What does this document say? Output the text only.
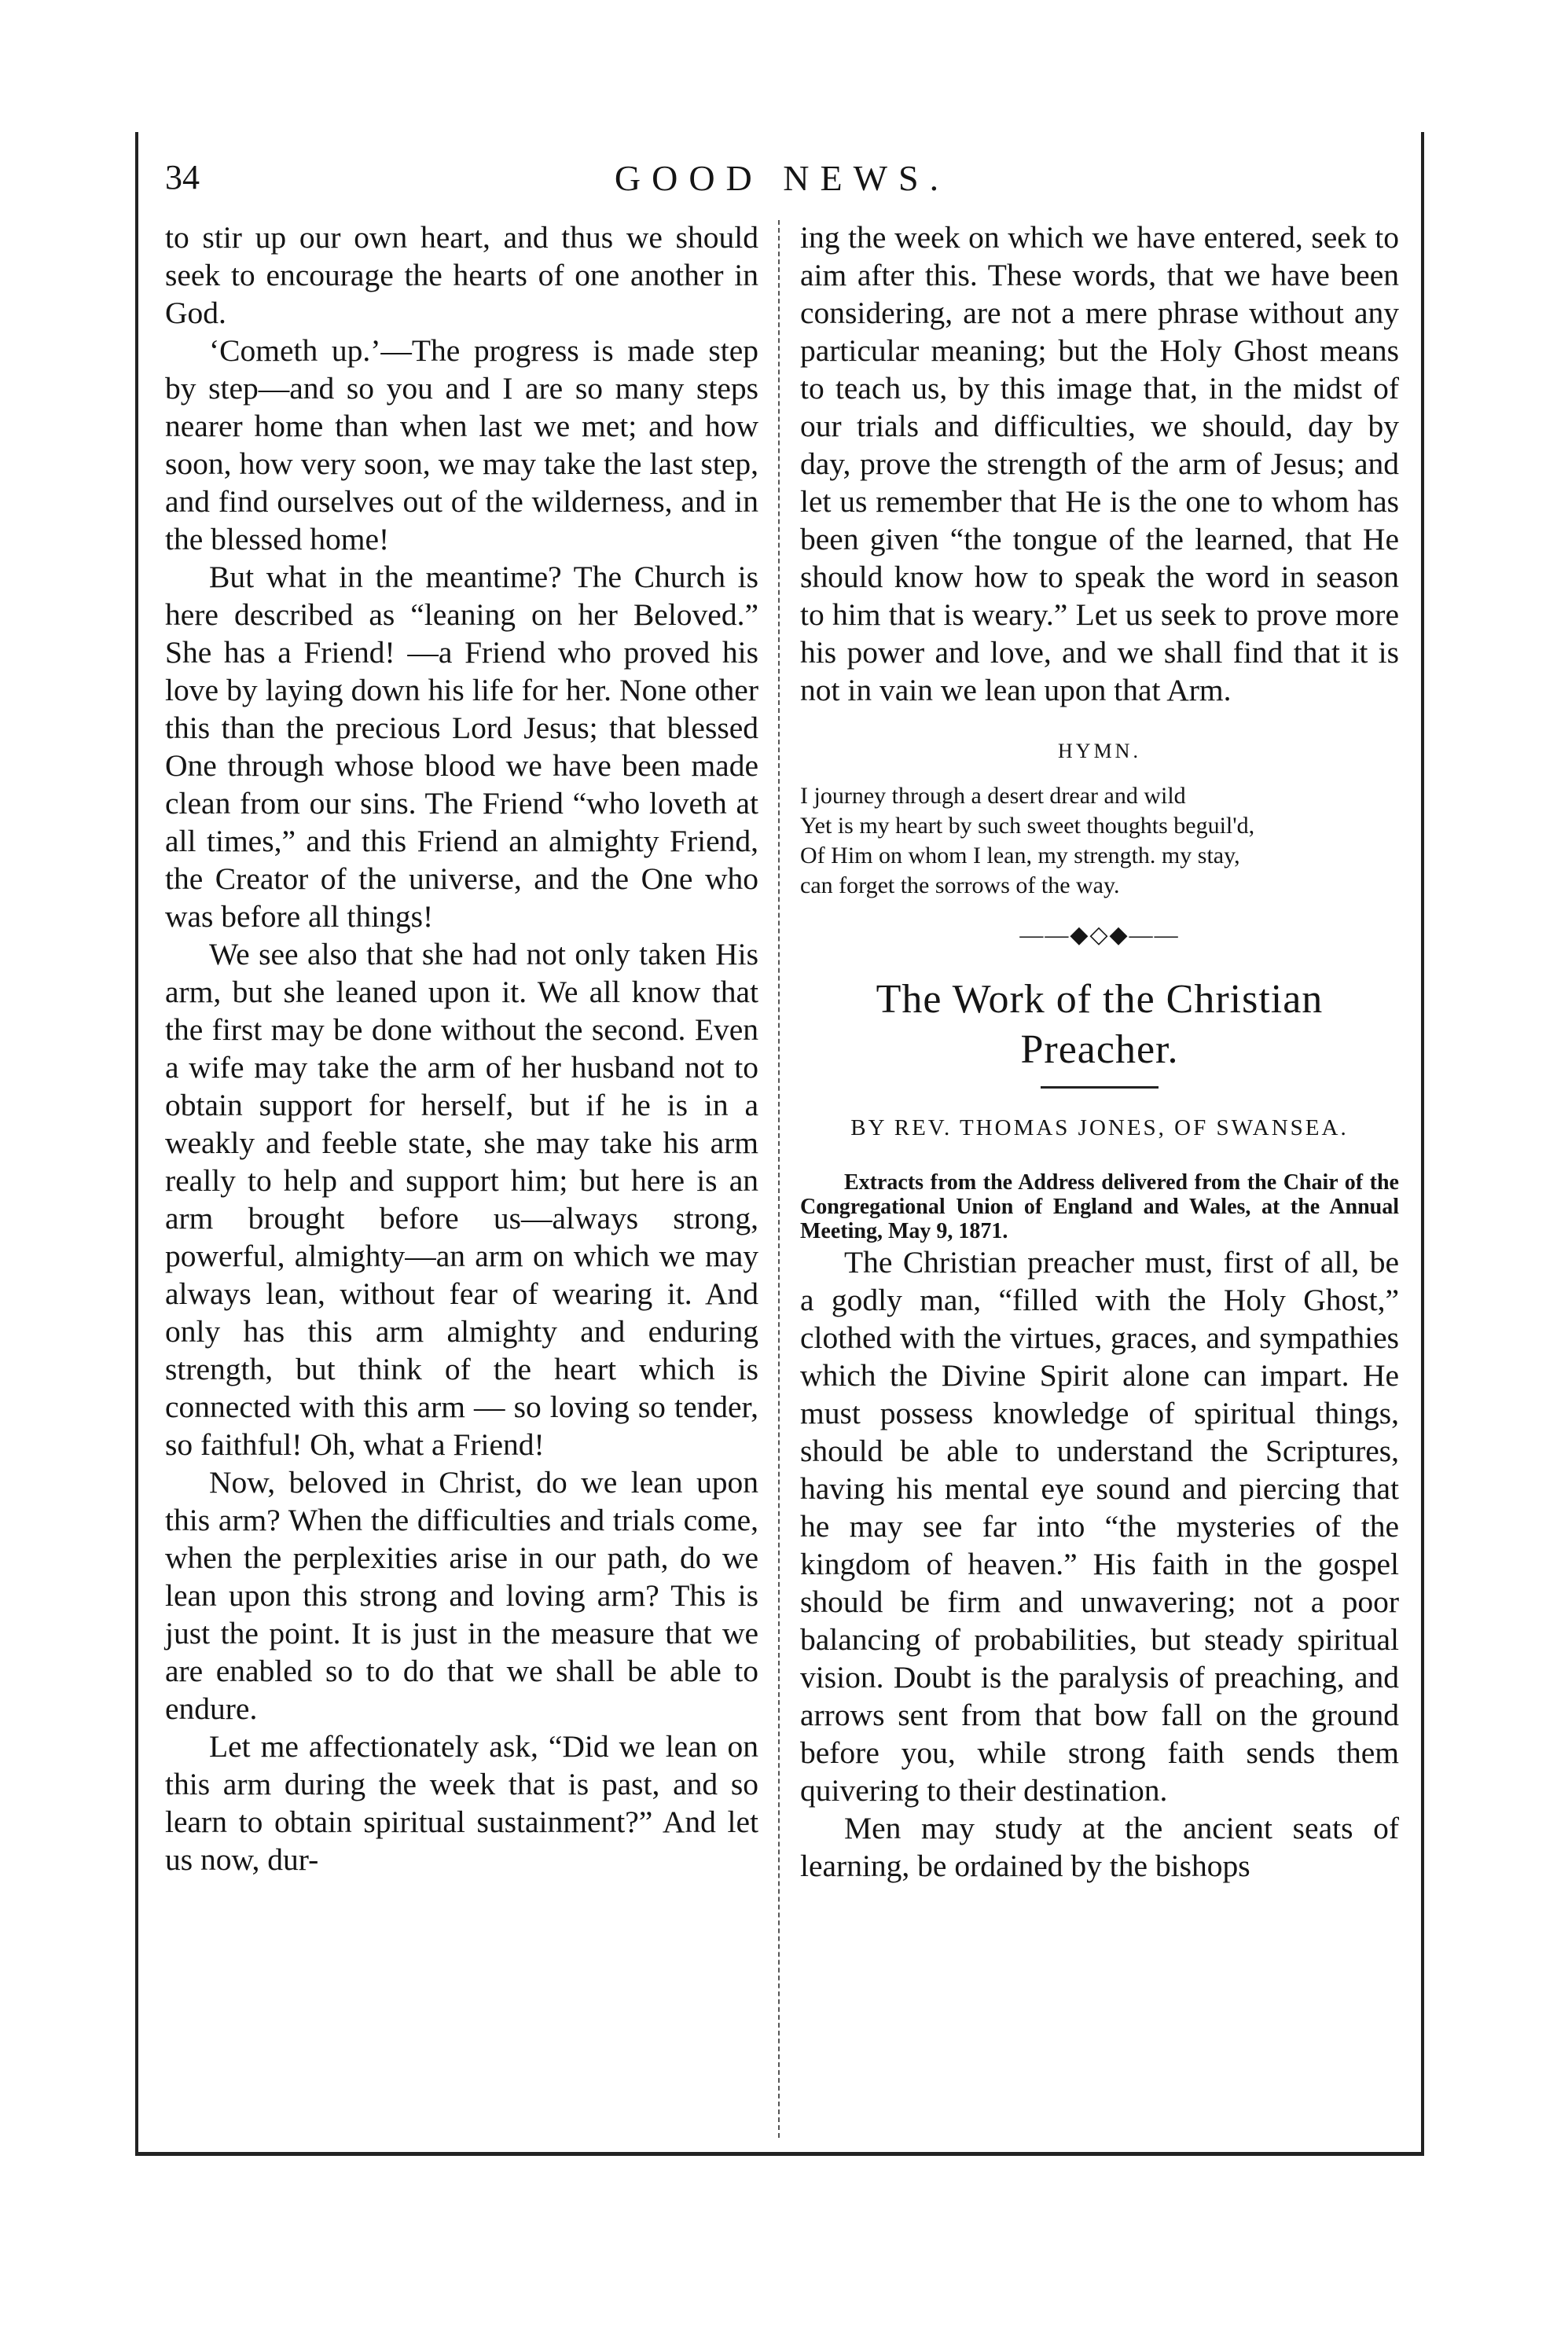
34	GOOD NEWS.

to stir up our own heart, and thus we should seek to encourage the hearts of one another in God.

‘Cometh up.’—The progress is made step by step—and so you and I are so many steps nearer home than when last we met; and how soon, how very soon, we may take the last step, and find ourselves out of the wilderness, and in the blessed home!

But what in the meantime? The Church is here described as “leaning on her Beloved.” She has a Friend! —a Friend who proved his love by laying down his life for her. None other this than the precious Lord Jesus; that blessed One through whose blood we have been made clean from our sins. The Friend “who loveth at all times,” and this Friend an almighty Friend, the Creator of the universe, and the One who was before all things!

We see also that she had not only taken His arm, but she leaned upon it. We all know that the first may be done without the second. Even a wife may take the arm of her husband not to obtain support for herself, but if he is in a weakly and feeble state, she may take his arm really to help and support him; but here is an arm brought before us—always strong, powerful, almighty—an arm on which we may always lean, without fear of wearing it. And only has this arm almighty and enduring strength, but think of the heart which is connected with this arm — so loving so tender, so faithful! Oh, what a Friend!

Now, beloved in Christ, do we lean upon this arm? When the difficulties and trials come, when the perplexities arise in our path, do we lean upon this strong and loving arm? This is just the point. It is just in the measure that we are enabled so to do that we shall be able to endure.

Let me affectionately ask, “Did we lean on this arm during the week that is past, and so learn to obtain spiritual sustainment?” And let us now, dur-

ing the week on which we have entered, seek to aim after this. These words, that we have been considering, are not a mere phrase without any particular meaning; but the Holy Ghost means to teach us, by this image that, in the midst of our trials and difficulties, we should, day by day, prove the strength of the arm of Jesus; and let us remember that He is the one to whom has been given “the tongue of the learned, that He should know how to speak the word in season to him that is weary.” Let us seek to prove more his power and love, and we shall find that it is not in vain we lean upon that Arm.

HYMN.

I journey through a desert drear and wild

Yet is my heart by such sweet thoughts beguil'd,

Of Him on whom I lean, my strength. my stay,

can forget the sorrows of the way.

——◆◇◆——
The Work of the Christian
Preacher.
BY REV. THOMAS JONES, OF SWANSEA.

Extracts from the Address delivered from the Chair of the Congregational Union of England and Wales, at the Annual Meeting, May 9, 1871.

The Christian preacher must, first of all, be a godly man, “filled with the Holy Ghost,” clothed with the virtues, graces, and sympathies which the Divine Spirit alone can impart. He must possess knowledge of spiritual things, should be able to understand the Scriptures, having his mental eye sound and piercing that he may see far into “the mysteries of the kingdom of heaven.” His faith in the gospel should be firm and unwavering; not a poor balancing of probabilities, but steady spiritual vision. Doubt is the paralysis of preaching, and arrows sent from that bow fall on the ground before you, while strong faith sends them quivering to their destination.

Men may study at the ancient seats of learning, be ordained by the bishops
